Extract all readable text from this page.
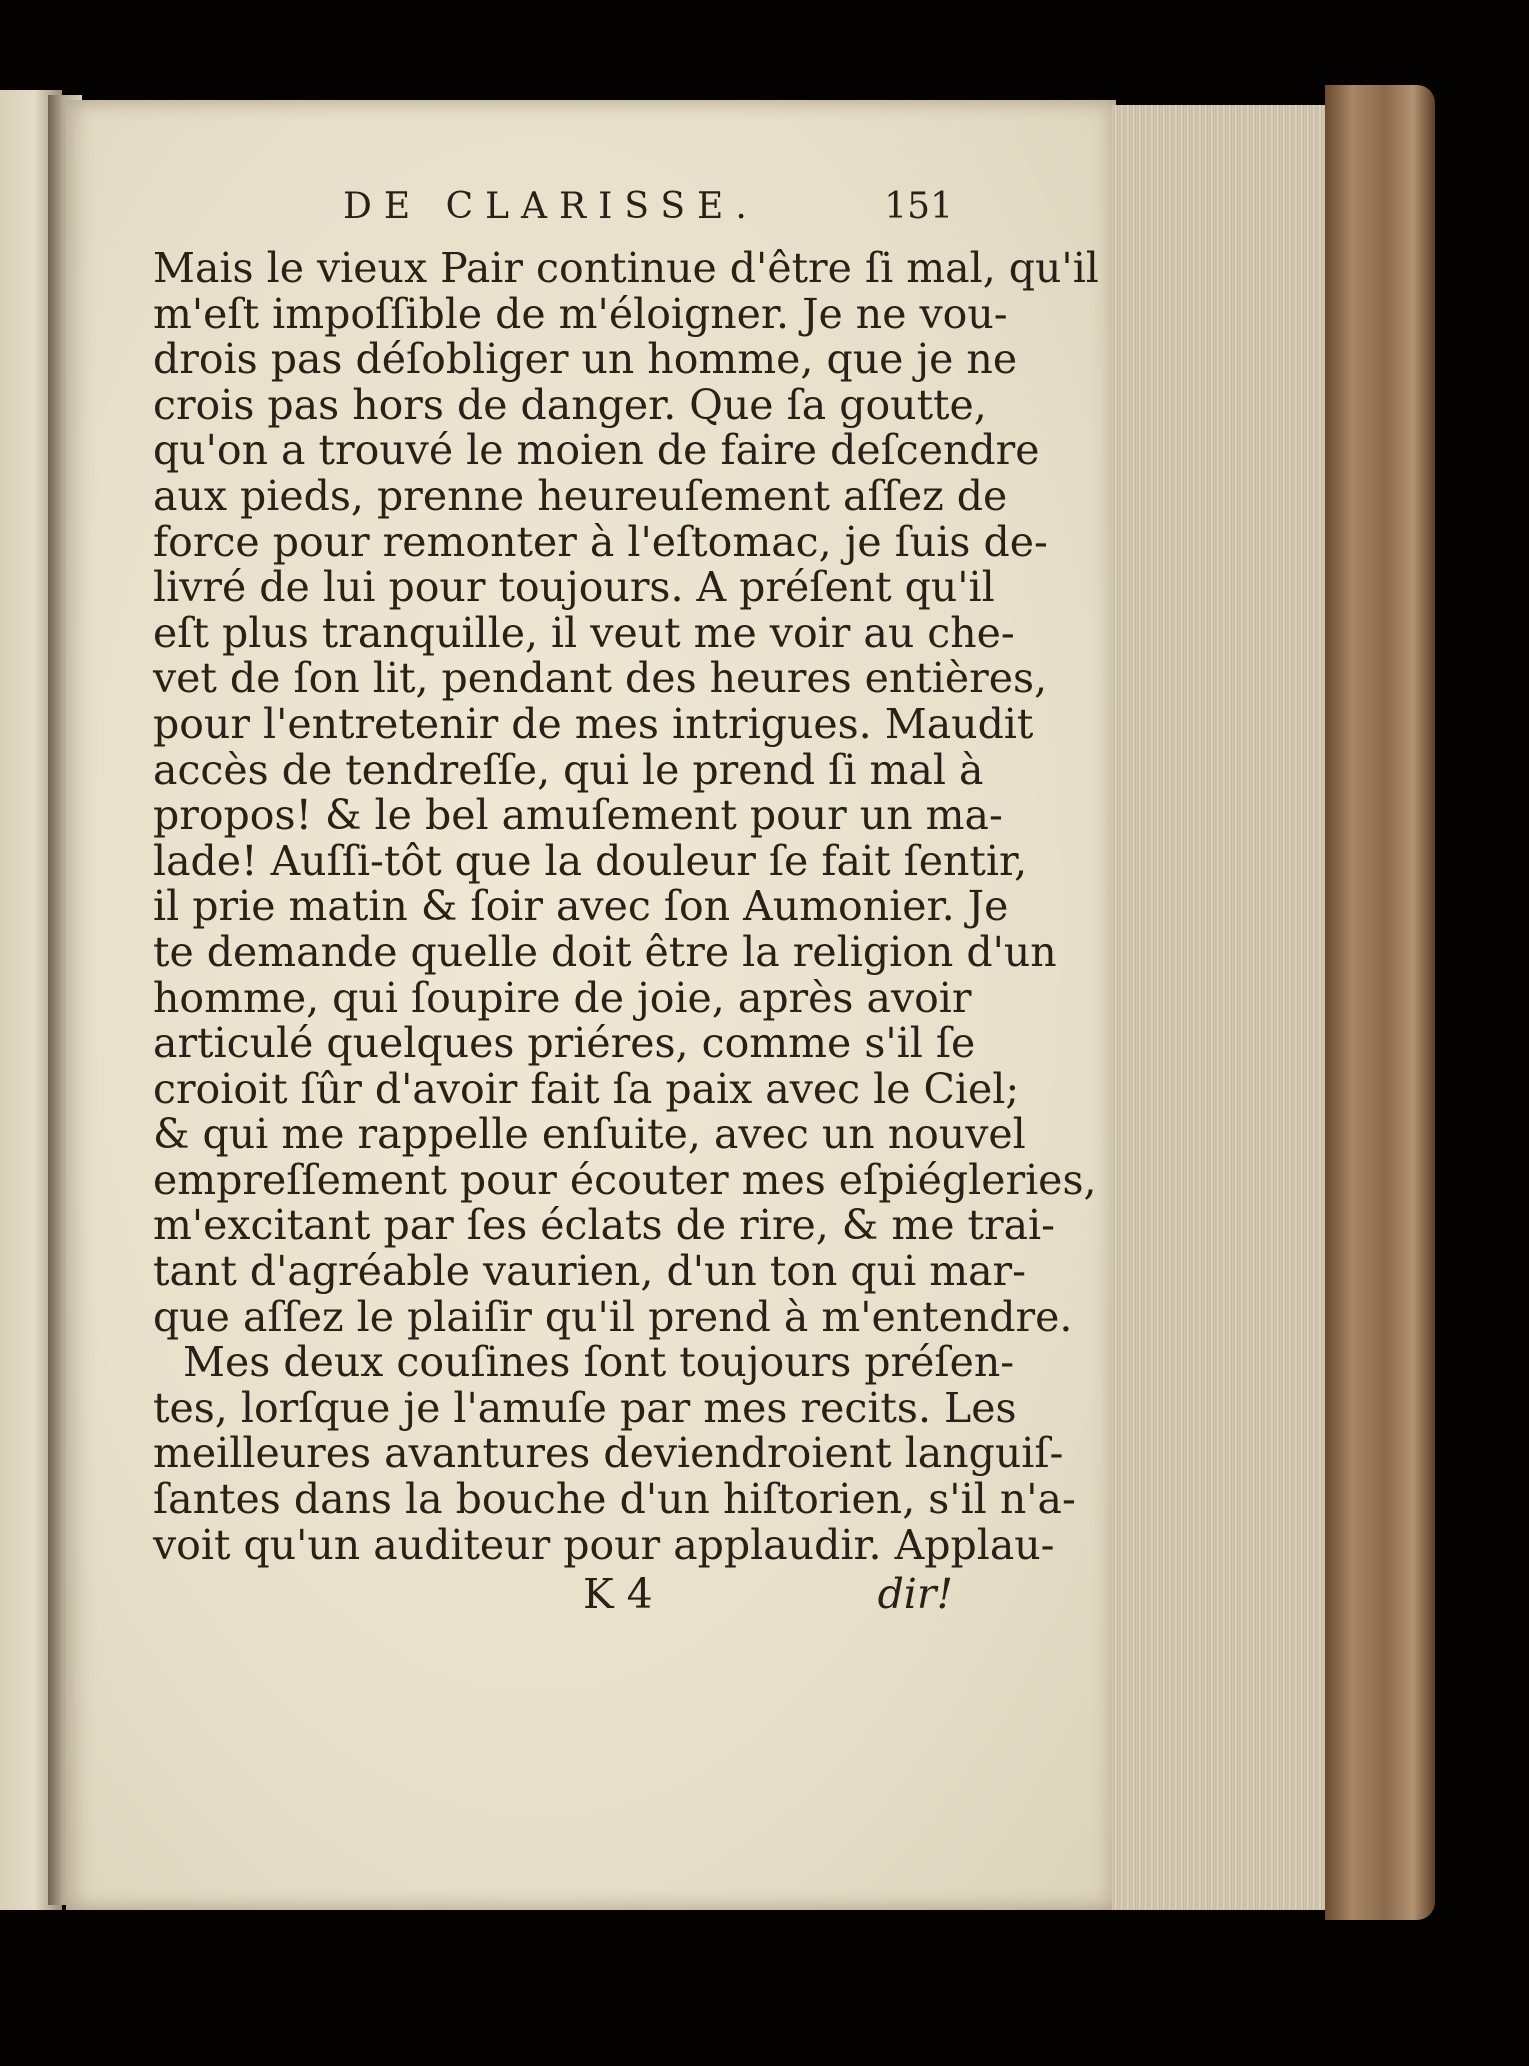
DE CLARISSE.	151
Mais le vieux Pair continue d'être ſi mal, qu'il
m'eſt impoſſible de m'éloigner. Je ne vou-
drois pas déſobliger un homme, que je ne
crois pas hors de danger. Que ſa goutte,
qu'on a trouvé le moien de faire deſcendre
aux pieds, prenne heureuſement aſſez de
force pour remonter à l'eſtomac, je ſuis de-
livré de lui pour toujours. A préſent qu'il
eſt plus tranquille, il veut me voir au che-
vet de ſon lit, pendant des heures entières,
pour l'entretenir de mes intrigues. Maudit
accès de tendreſſe, qui le prend ſi mal à
propos! & le bel amuſement pour un ma-
lade! Auſſi-tôt que la douleur ſe fait ſentir,
il prie matin & ſoir avec ſon Aumonier. Je
te demande quelle doit être la religion d'un
homme, qui ſoupire de joie, après avoir
articulé quelques priéres, comme s'il ſe
croioit ſûr d'avoir fait ſa paix avec le Ciel;
& qui me rappelle enſuite, avec un nouvel
empreſſement pour écouter mes eſpiégleries,
m'excitant par ſes éclats de rire, & me trai-
tant d'agréable vaurien, d'un ton qui mar-
que aſſez le plaiſir qu'il prend à m'entendre.
Mes deux couſines ſont toujours préſen-
tes, lorſque je l'amuſe par mes recits. Les
meilleures avantures deviendroient languiſ-
ſantes dans la bouche d'un hiſtorien, s'il n'a-
voit qu'un auditeur pour applaudir. Applau-
K 4	dir!
